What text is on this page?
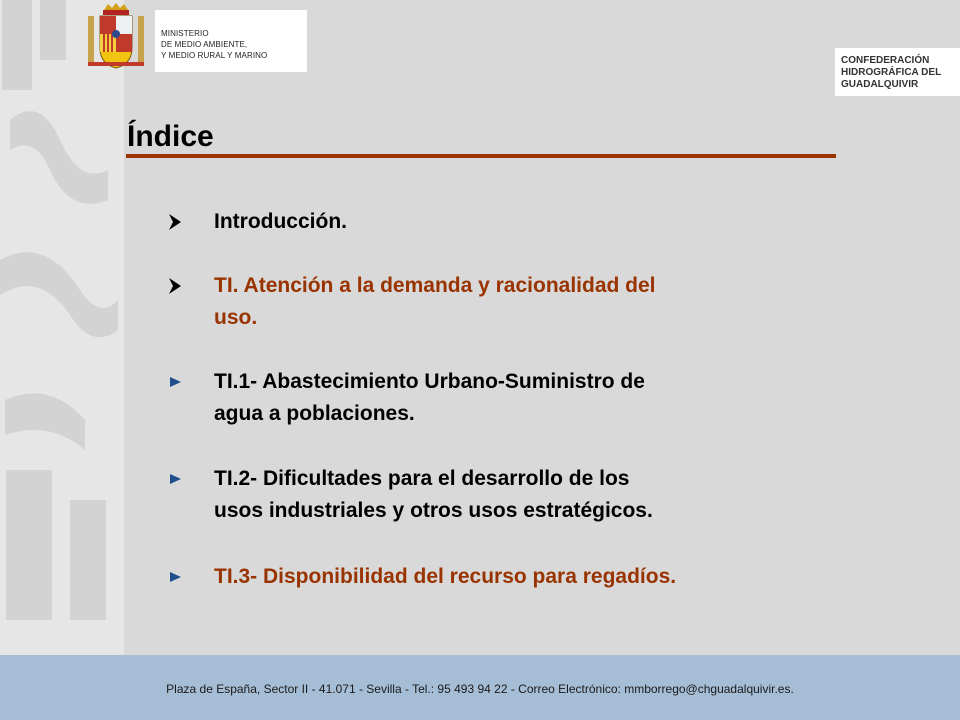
MINISTERIO
DE MEDIO AMBIENTE,
Y MEDIO RURAL Y MARINO	CONFEDERACIÓN
HIDROGRÁFICA DEL
GUADALQUIVIR
Índice
Introducción.
TI. Atención a la demanda y racionalidad del
uso.
TI.1- Abastecimiento Urbano-Suministro de
agua a poblaciones.
TI.2- Dificultades para el desarrollo de los
usos industriales y otros usos estratégicos.
TI.3- Disponibilidad del recurso para regadíos.
Plaza de España, Sector II - 41.071 - Sevilla - Tel.: 95 493 94 22 - Correo Electrónico: mmborrego@chguadalquivir.es.
